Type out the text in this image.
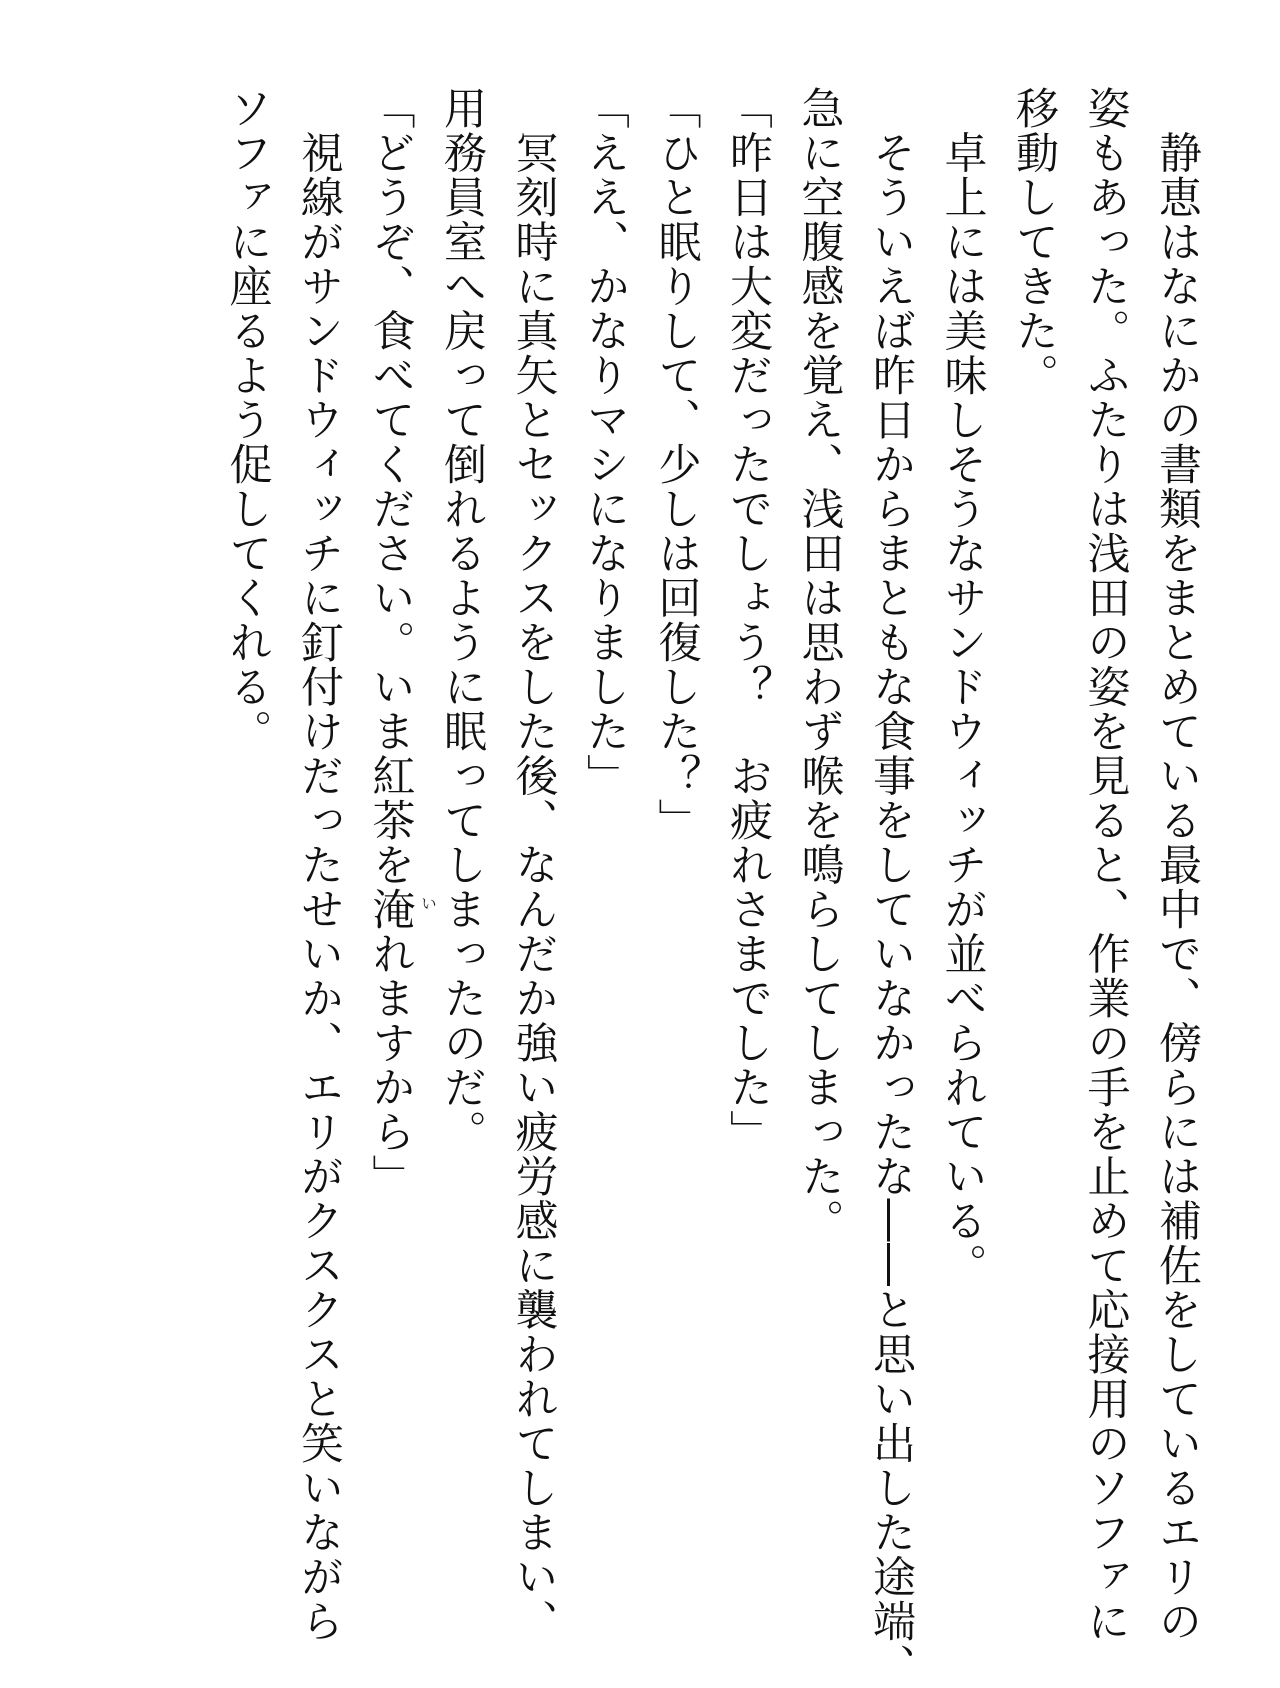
　静恵はなにかの書類をまとめている最中で、傍らには補佐をしているエリの
姿もあった。ふたりは浅田の姿を見ると、作業の手を止めて応接用のソファに
移動してきた。
　卓上には美味しそうなサンドウィッチが並べられている。
　そういえば昨日からまともな食事をしていなかったな――と思い出した途端、
急に空腹感を覚え、浅田は思わず喉を鳴らしてしまった。
「昨日は大変だったでしょう？　お疲れさまでした」
「ひと眠りして、少しは回復した？」
「ええ、かなりマシになりました」
　冥刻時に真矢とセックスをした後、なんだか強い疲労感に襲われてしまい、
用務員室へ戻って倒れるように眠ってしまったのだ。
「どうぞ、食べてください。いま紅茶を淹 いれますから」
　視線がサンドウィッチに釘付けだったせいか、エリがクスクスと笑いながら
ソファに座るよう促してくれる。
